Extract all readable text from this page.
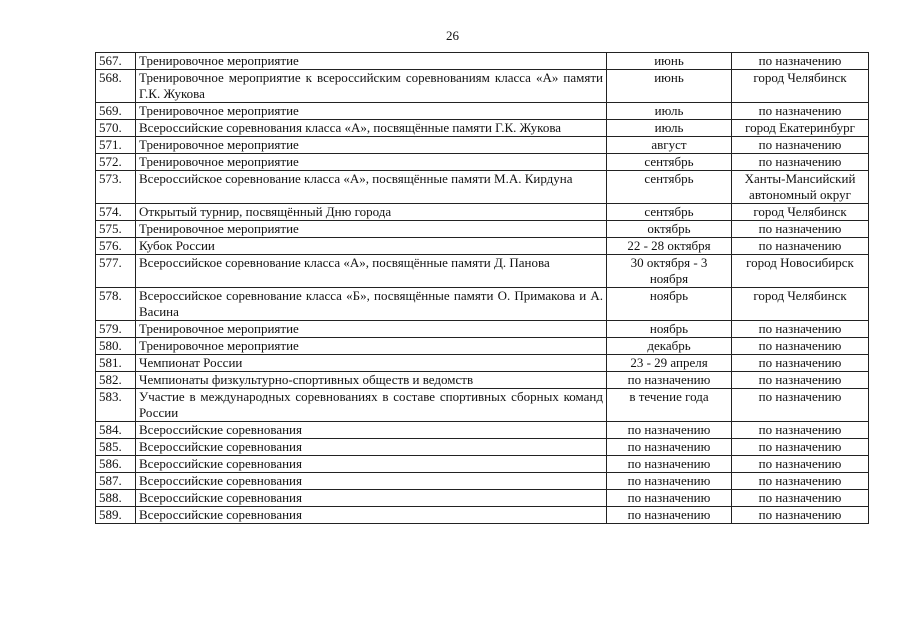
26
567.	Тренировочное мероприятие	июнь	по назначению
568.	Тренировочное мероприятие к всероссийским соревнованиям класса «А» памяти Г.К. Жукова	июнь	город Челябинск
569.	Тренировочное мероприятие	июль	по назначению
570.	Всероссийские соревнования класса «А», посвящённые памяти Г.К. Жукова	июль	город Екатеринбург
571.	Тренировочное мероприятие	август	по назначению
572.	Тренировочное мероприятие	сентябрь	по назначению
573.	Всероссийское соревнование класса «А», посвящённые памяти М.А. Кирдуна	сентябрь	Ханты-Мансийский автономный округ
574.	Открытый турнир, посвящённый Дню города	сентябрь	город Челябинск
575.	Тренировочное мероприятие	октябрь	по назначению
576.	Кубок России	22 - 28 октября	по назначению
577.	Всероссийское соревнование класса «А», посвящённые памяти Д. Панова	30 октября - 3 ноября	город Новосибирск
578.	Всероссийское соревнование класса «Б», посвящённые памяти О. Примакова и А. Васина	ноябрь	город Челябинск
579.	Тренировочное мероприятие	ноябрь	по назначению
580.	Тренировочное мероприятие	декабрь	по назначению
581.	Чемпионат России	23 - 29 апреля	по назначению
582.	Чемпионаты физкультурно-спортивных обществ и ведомств	по назначению	по назначению
583.	Участие в международных соревнованиях в составе спортивных сборных команд России	в течение года	по назначению
584.	Всероссийские соревнования	по назначению	по назначению
585.	Всероссийские соревнования	по назначению	по назначению
586.	Всероссийские соревнования	по назначению	по назначению
587.	Всероссийские соревнования	по назначению	по назначению
588.	Всероссийские соревнования	по назначению	по назначению
589.	Всероссийские соревнования	по назначению	по назначению
